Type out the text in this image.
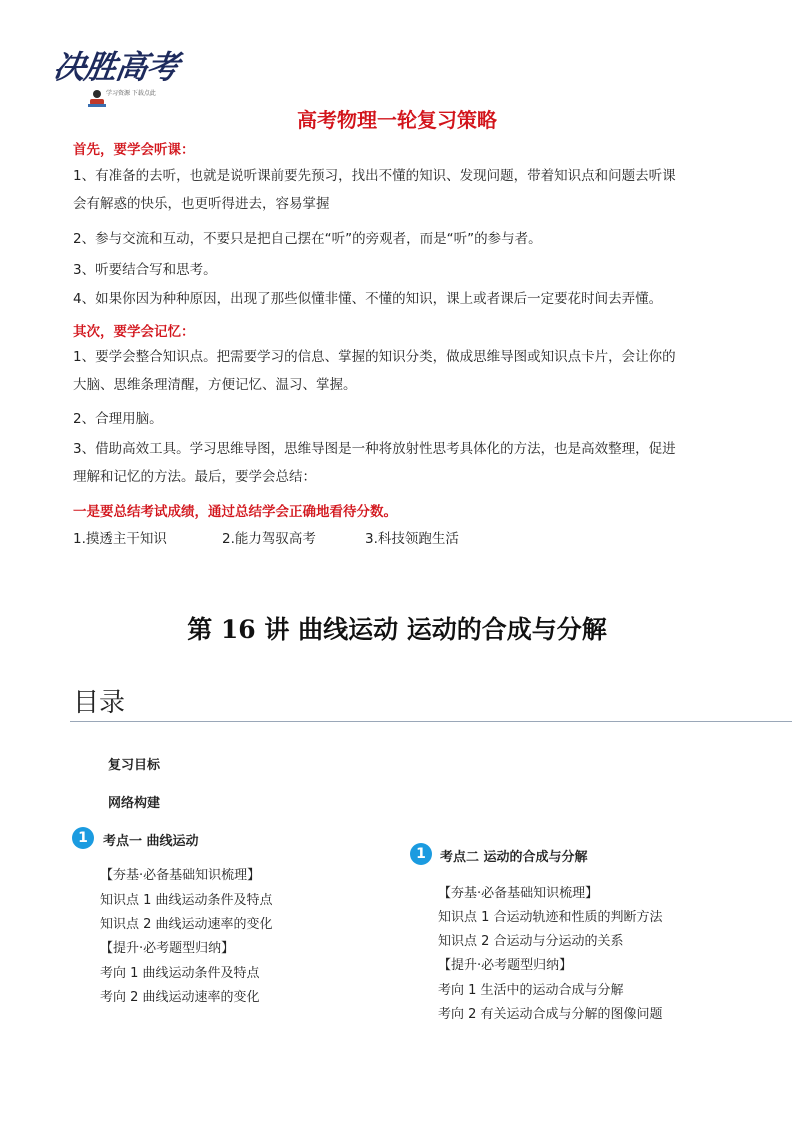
决胜高考
学习资源 下载点此
高考物理一轮复习策略
首先，要学会听课：
1、有准备的去听，也就是说听课前要先预习，找出不懂的知识、发现问题，带着知识点和问题去听课
会有解惑的快乐，也更听得进去，容易掌握
2、参与交流和互动，不要只是把自己摆在“听”的旁观者，而是“听”的参与者。
3、听要结合写和思考。
4、如果你因为种种原因，出现了那些似懂非懂、不懂的知识，课上或者课后一定要花时间去弄懂。
其次，要学会记忆：
1、要学会整合知识点。把需要学习的信息、掌握的知识分类，做成思维导图或知识点卡片，会让你的
大脑、思维条理清醒，方便记忆、温习、掌握。
2、合理用脑。
3、借助高效工具。学习思维导图，思维导图是一种将放射性思考具体化的方法，也是高效整理，促进
理解和记忆的方法。最后，要学会总结：
一是要总结考试成绩，通过总结学会正确地看待分数。
1.摸透主干知识	2.能力驾驭高考	3.科技领跑生活
第 16 讲 曲线运动 运动的合成与分解
目录
复习目标
网络构建
1	考点一 曲线运动
【夯基·必备基础知识梳理】
知识点 1 曲线运动条件及特点
知识点 2 曲线运动速率的变化
【提升·必考题型归纳】
考向 1 曲线运动条件及特点
考向 2 曲线运动速率的变化
1	考点二 运动的合成与分解
【夯基·必备基础知识梳理】
知识点 1 合运动轨迹和性质的判断方法
知识点 2 合运动与分运动的关系
【提升·必考题型归纳】
考向 1 生活中的运动合成与分解
考向 2 有关运动合成与分解的图像问题
